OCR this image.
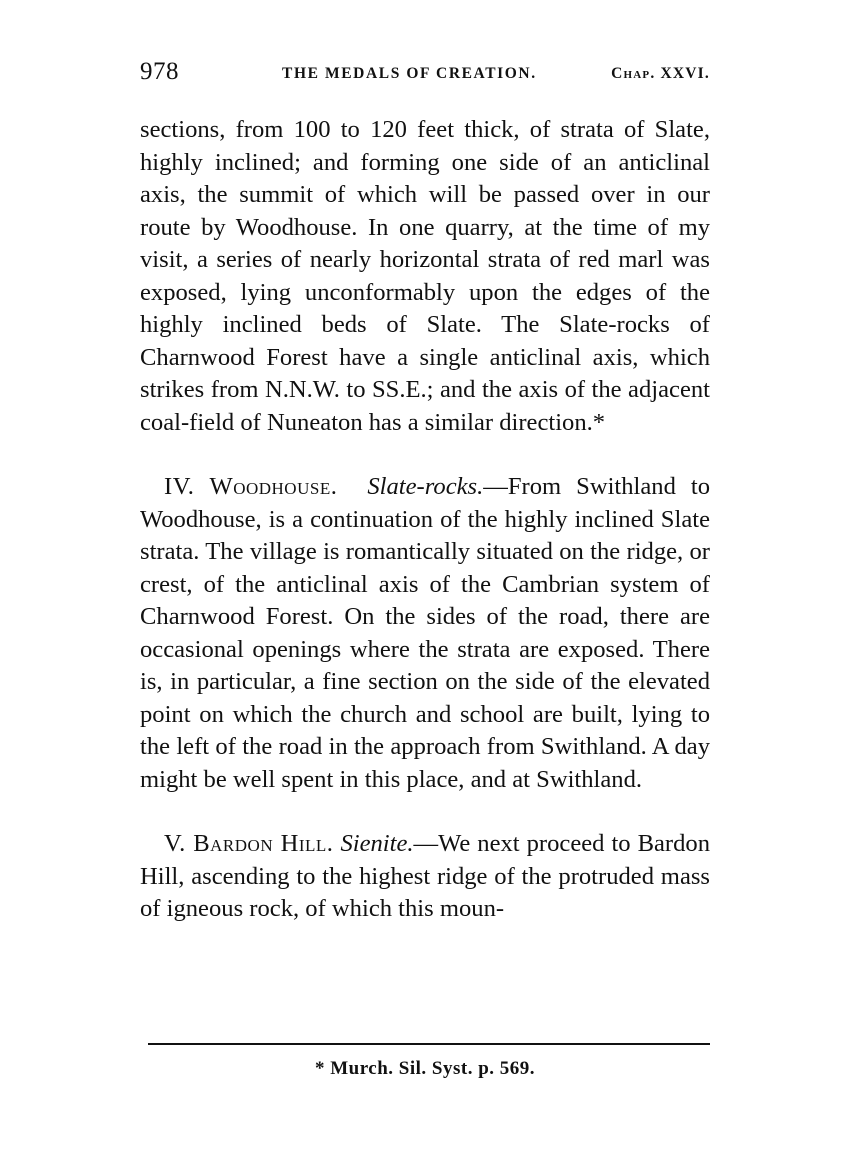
978	THE MEDALS OF CREATION.	Chap. XXVI.

sections, from 100 to 120 feet thick, of strata of Slate, highly inclined; and forming one side of an anticlinal axis, the summit of which will be passed over in our route by Woodhouse. In one quarry, at the time of my visit, a series of nearly horizontal strata of red marl was exposed, lying unconformably upon the edges of the highly inclined beds of Slate. The Slate-rocks of Charnwood Forest have a single anticlinal axis, which strikes from N.N.W. to SS.E.; and the axis of the adjacent coal-field of Nuneaton has a similar direction.*

IV. Woodhouse. Slate-rocks.—From Swithland to Woodhouse, is a continuation of the highly inclined Slate strata. The village is romantically situated on the ridge, or crest, of the anticlinal axis of the Cambrian system of Charnwood Forest. On the sides of the road, there are occasional openings where the strata are exposed. There is, in particular, a fine section on the side of the elevated point on which the church and school are built, lying to the left of the road in the approach from Swithland. A day might be well spent in this place, and at Swithland.

V. Bardon Hill. Sienite.—We next proceed to Bardon Hill, ascending to the highest ridge of the protruded mass of igneous rock, of which this moun-

* Murch. Sil. Syst. p. 569.
